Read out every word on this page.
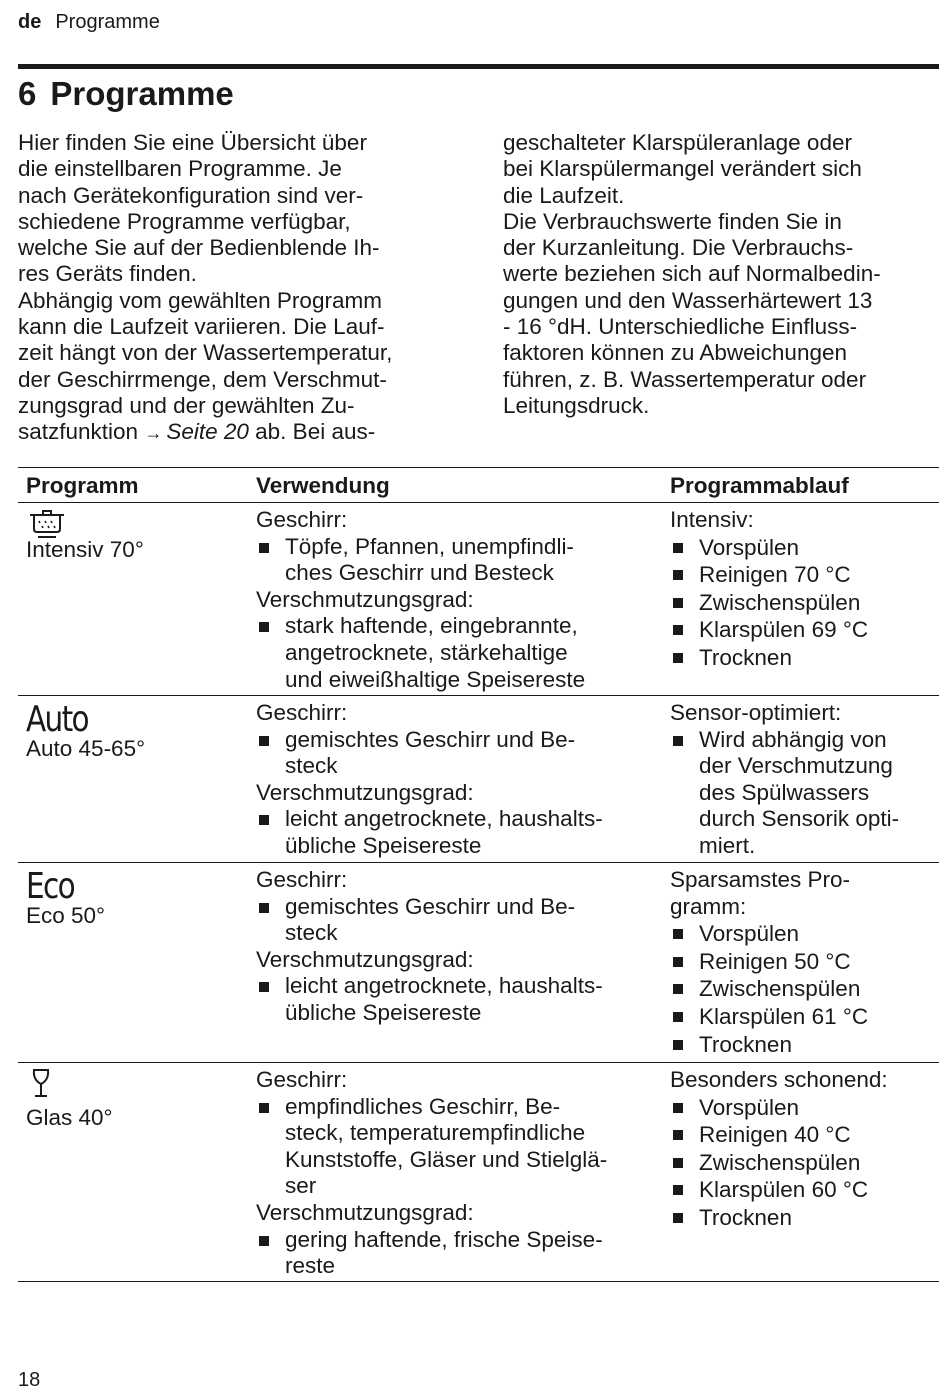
de Programme
6 Programme
Hier finden Sie eine Übersicht über
die einstellbaren Programme. Je
nach Gerätekonfiguration sind ver-
schiedene Programme verfügbar,
welche Sie auf der Bedienblende Ih-
res Geräts finden.
Abhängig vom gewählten Programm
kann die Laufzeit variieren. Die Lauf-
zeit hängt von der Wassertemperatur,
der Geschirrmenge, dem Verschmut-
zungsgrad und der gewählten Zu-
satzfunktion → Seite 20 ab. Bei aus-
geschalteter Klarspüleranlage oder
bei Klarspülermangel verändert sich
die Laufzeit.
Die Verbrauchswerte finden Sie in
der Kurzanleitung. Die Verbrauchs-
werte beziehen sich auf Normalbedin-
gungen und den Wasserhärtewert 13
- 16 °dH. Unterschiedliche Einfluss-
faktoren können zu Abweichungen
führen, z. B. Wassertemperatur oder
Leitungsdruck.
Programm	Verwendung	Programmablauf
Intensiv 70°
Geschirr:
Töpfe, Pfannen, unempfindli-
ches Geschirr und Besteck
Verschmutzungsgrad:
stark haftende, eingebrannte,
angetrocknete, stärkehaltige
und eiweißhaltige Speisereste
Intensiv:
Vorspülen
Reinigen 70 °C
Zwischenspülen
Klarspülen 69 °C
Trocknen
Auto
Auto 45-65°
Geschirr:
gemischtes Geschirr und Be-
steck
Verschmutzungsgrad:
leicht angetrocknete, haushalts-
übliche Speisereste
Sensor-optimiert:
Wird abhängig von
der Verschmutzung
des Spülwassers
durch Sensorik opti-
miert.
Eco
Eco 50°
Geschirr:
gemischtes Geschirr und Be-
steck
Verschmutzungsgrad:
leicht angetrocknete, haushalts-
übliche Speisereste
Sparsamstes Pro-
gramm:
Vorspülen
Reinigen 50 °C
Zwischenspülen
Klarspülen 61 °C
Trocknen
Glas 40°
Geschirr:
empfindliches Geschirr, Be-
steck, temperaturempfindliche
Kunststoffe, Gläser und Stielglä-
ser
Verschmutzungsgrad:
gering haftende, frische Speise-
reste
Besonders schonend:
Vorspülen
Reinigen 40 °C
Zwischenspülen
Klarspülen 60 °C
Trocknen
18
